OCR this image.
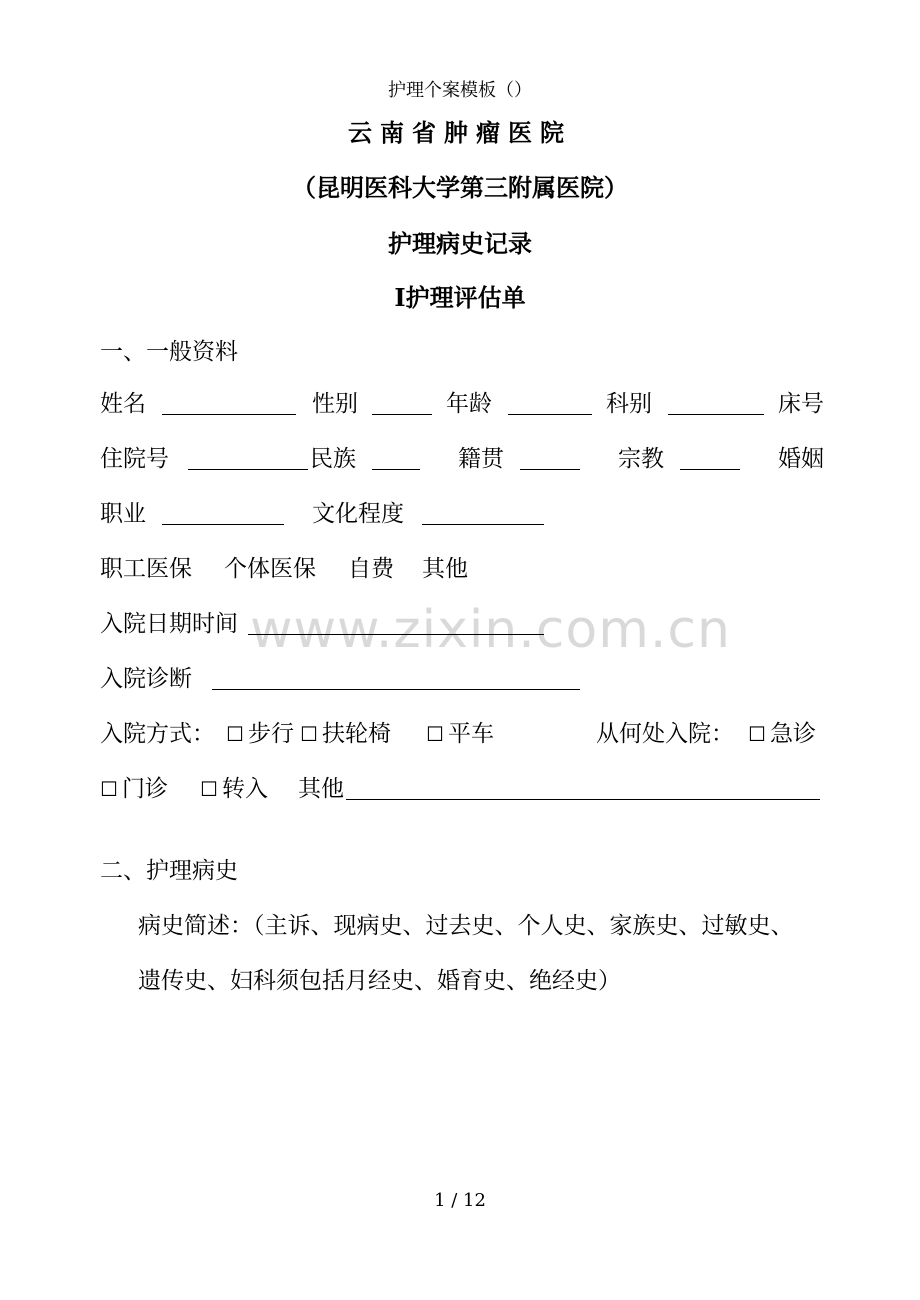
护理个案模板（）
云南省肿瘤医院
（昆明医科大学第三附属医院）
护理病史记录
Ⅰ护理评估单
一、一般资料
姓名	性别	年龄	科别	床号
住院号	民族	籍贯	宗教	婚姻
职业	文化程度
职工医保 个体医保 自费 其他
www.zixin.com.cn
入院日期时间
入院诊断
入院方式： ☐ 步行 ☐ 扶轮椅 ☐ 平车	从何处入院： ☐ 急诊
☐ 门诊 ☐ 转入 其他
二、护理病史
病史简述：（主诉、现病史、过去史、个人史、家族史、过敏史、
遗传史、妇科须包括月经史、婚育史、绝经史）
1 / 12
